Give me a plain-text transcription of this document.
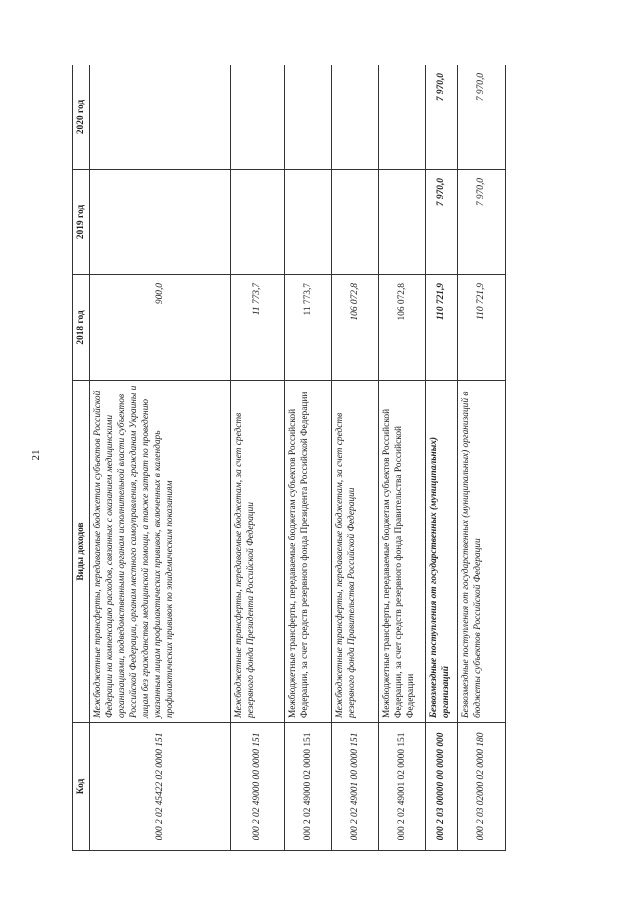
21
Код	Виды доходов	2018 год	2019 год	2020 год
000 2 02 45422 02 0000 151	Межбюджетные трансферты, передаваемые бюджетам субъектов Российской Федерации на компенсацию расходов, связанных с оказанием медицинскими организациями, подведомственными органам исполнительной власти субъектов Российской Федерации, органам местного самоуправления, гражданам Украины и лицам без гражданства медицинской помощи, а также затрат по проведению указанным лицам профилактических прививок, включенных в календарь профилактических прививок по эпидемическим показаниям	900,0		
000 2 02 49000 00 0000 151	Межбюджетные трансферты, передаваемые бюджетам, за счет средств резервного фонда Президента Российской Федерации	11 773,7		
000 2 02 49000 02 0000 151	Межбюджетные трансферты, передаваемые бюджетам субъектов Российской Федерации, за счет средств резервного фонда Президента Российской Федерации	11 773,7		
000 2 02 49001 00 0000 151	Межбюджетные трансферты, передаваемые бюджетам, за счет средств резервного фонда Правительства Российской Федерации	106 072,8		
000 2 02 49001 02 0000 151	Межбюджетные трансферты, передаваемые бюджетам субъектов Российской Федерации, за счет средств резервного фонда Правительства Российской Федерации	106 072,8		
000 2 03 00000 00 0000 000	Безвозмездные поступления от государственных (муниципальных) организаций	110 721,9	7 970,0	7 970,0
000 2 03 02000 02 0000 180	Безвозмездные поступления от государственных (муниципальных) организаций в бюджеты субъектов Российской Федерации	110 721,9	7 970,0	7 970,0
